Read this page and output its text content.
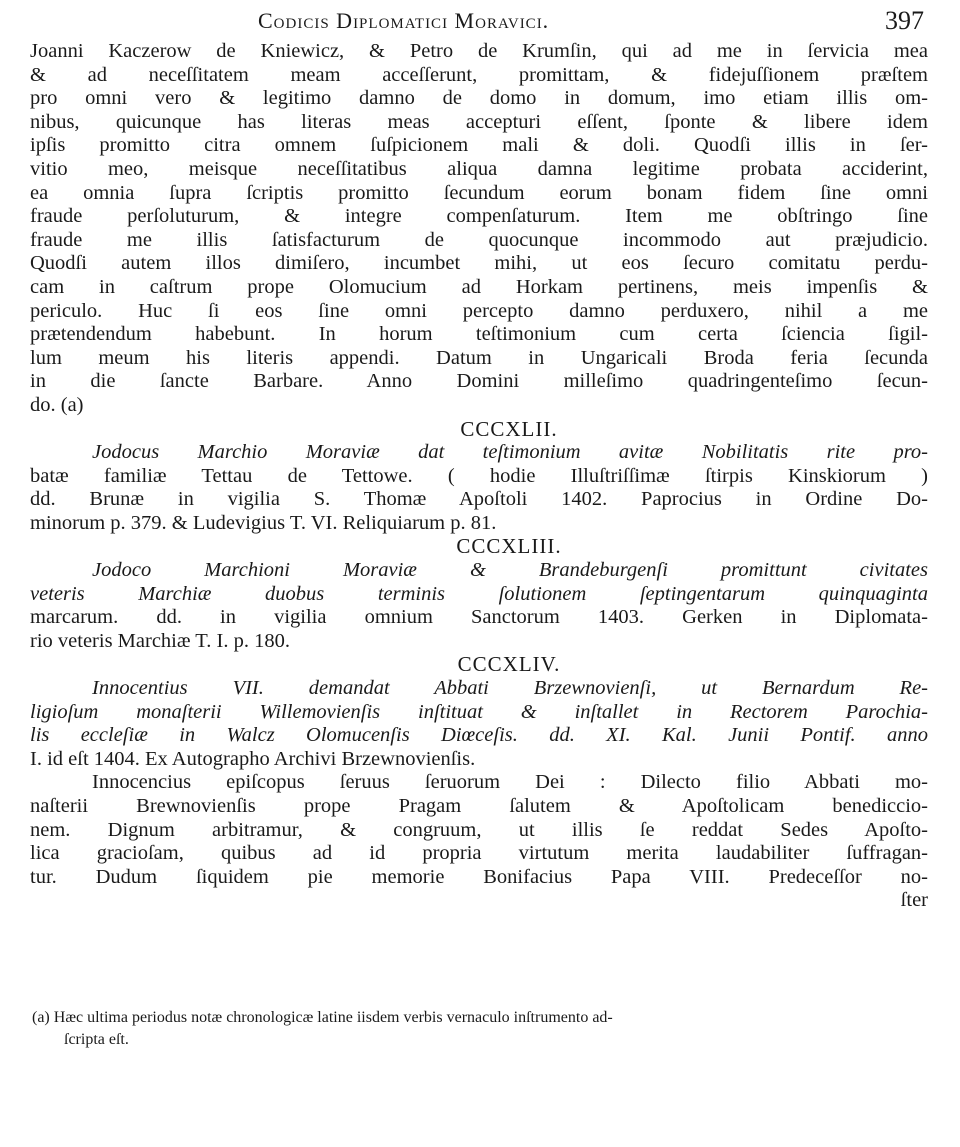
Codicis Diplomatici Moravici.	397
Joanni Kaczerow de Kniewicz, & Petro de Krumſin, qui ad me in ſervicia mea
& ad neceſſitatem meam acceſſerunt, promittam, & fidejuſſionem præſtem
pro omni vero & legitimo damno de domo in domum, imo etiam illis om-
nibus, quicunque has literas meas accepturi eſſent, ſponte & libere idem
ipſis promitto citra omnem ſuſpicionem mali & doli. Quodſi illis in ſer-
vitio meo, meisque neceſſitatibus aliqua damna legitime probata acciderint,
ea omnia ſupra ſcriptis promitto ſecundum eorum bonam fidem ſine omni
fraude perſoluturum, & integre compenſaturum. Item me obſtringo ſine
fraude me illis ſatisfacturum de quocunque incommodo aut præjudicio.
Quodſi autem illos dimiſero, incumbet mihi, ut eos ſecuro comitatu perdu-
cam in caſtrum prope Olomucium ad Horkam pertinens, meis impenſis &
periculo. Huc ſi eos ſine omni percepto damno perduxero, nihil a me
prætendendum habebunt. In horum teſtimonium cum certa ſciencia ſigil-
lum meum his literis appendi. Datum in Ungaricali Broda feria ſecunda
in die ſancte Barbare. Anno Domini milleſimo quadringenteſimo ſecun-
do. (a)
CCCXLII.
Jodocus Marchio Moraviæ dat teſtimonium avitæ Nobilitatis rite pro-
batæ familiæ Tettau de Tettowe. ( hodie Illuſtriſſimæ ſtirpis Kinskiorum )
dd. Brunæ in vigilia S. Thomæ Apoſtoli 1402. Paprocius in Ordine Do-
minorum p. 379. & Ludevigius T. VI. Reliquiarum p. 81.
CCCXLIII.
Jodoco Marchioni Moraviæ & Brandeburgenſi promittunt civitates
veteris Marchiæ duobus terminis ſolutionem ſeptingentarum quinquaginta
marcarum. dd. in vigilia omnium Sanctorum 1403. Gerken in Diplomata-
rio veteris Marchiæ T. I. p. 180.
CCCXLIV.
Innocentius VII. demandat Abbati Brzewnovienſi, ut Bernardum Re-
ligioſum monaſterii Willemovienſis inſtituat & inſtallet in Rectorem Parochia-
lis eccleſiæ in Walcz Olomucenſis Diœceſis. dd. XI. Kal. Junii Pontif. anno
I. id eſt 1404. Ex Autographo Archivi Brzewnovienſis.
Innocencius epiſcopus ſeruus ſeruorum Dei : Dilecto filio Abbati mo-
naſterii Brewnovienſis prope Pragam ſalutem & Apoſtolicam benediccio-
nem. Dignum arbitramur, & congruum, ut illis ſe reddat Sedes Apoſto-
lica gracioſam, quibus ad id propria virtutum merita laudabiliter ſuffragan-
tur. Dudum ſiquidem pie memorie Bonifacius Papa VIII. Predeceſſor no-
ſter
(a) Hæc ultima periodus notæ chronologicæ latine iisdem verbis vernaculo inſtrumento ad-
ſcripta eſt.
